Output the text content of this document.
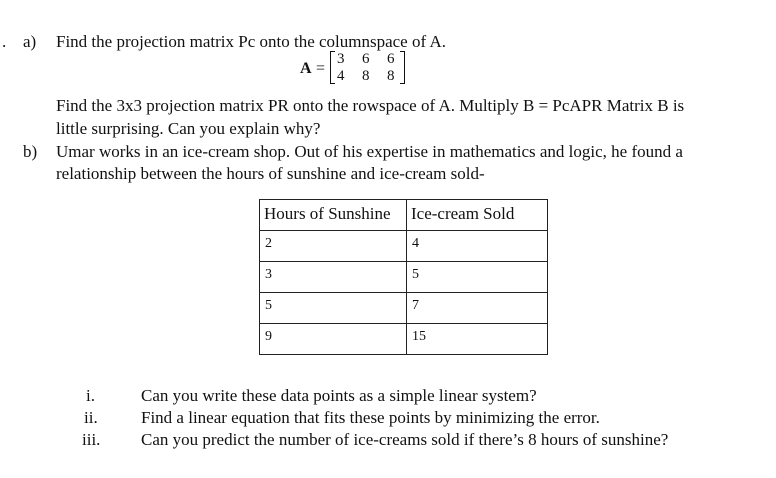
. a) Find the projection matrix Pc onto the columnspace of A.
A =
3 6 6
4 8 8
Find the 3x3 projection matrix PR onto the rowspace of A. Multiply B = PcAPR Matrix B is
little surprising. Can you explain why?
b) Umar works in an ice-cream shop. Out of his expertise in mathematics and logic, he found a
relationship between the hours of sunshine and ice-cream sold-
Hours of Sunshine	Ice-cream Sold
2	4
3	5
5	7
9	15
i.	Can you write these data points as a simple linear system?
ii.	Find a linear equation that fits these points by minimizing the error.
iii. Can you predict the number of ice-creams sold if there’s 8 hours of sunshine?
